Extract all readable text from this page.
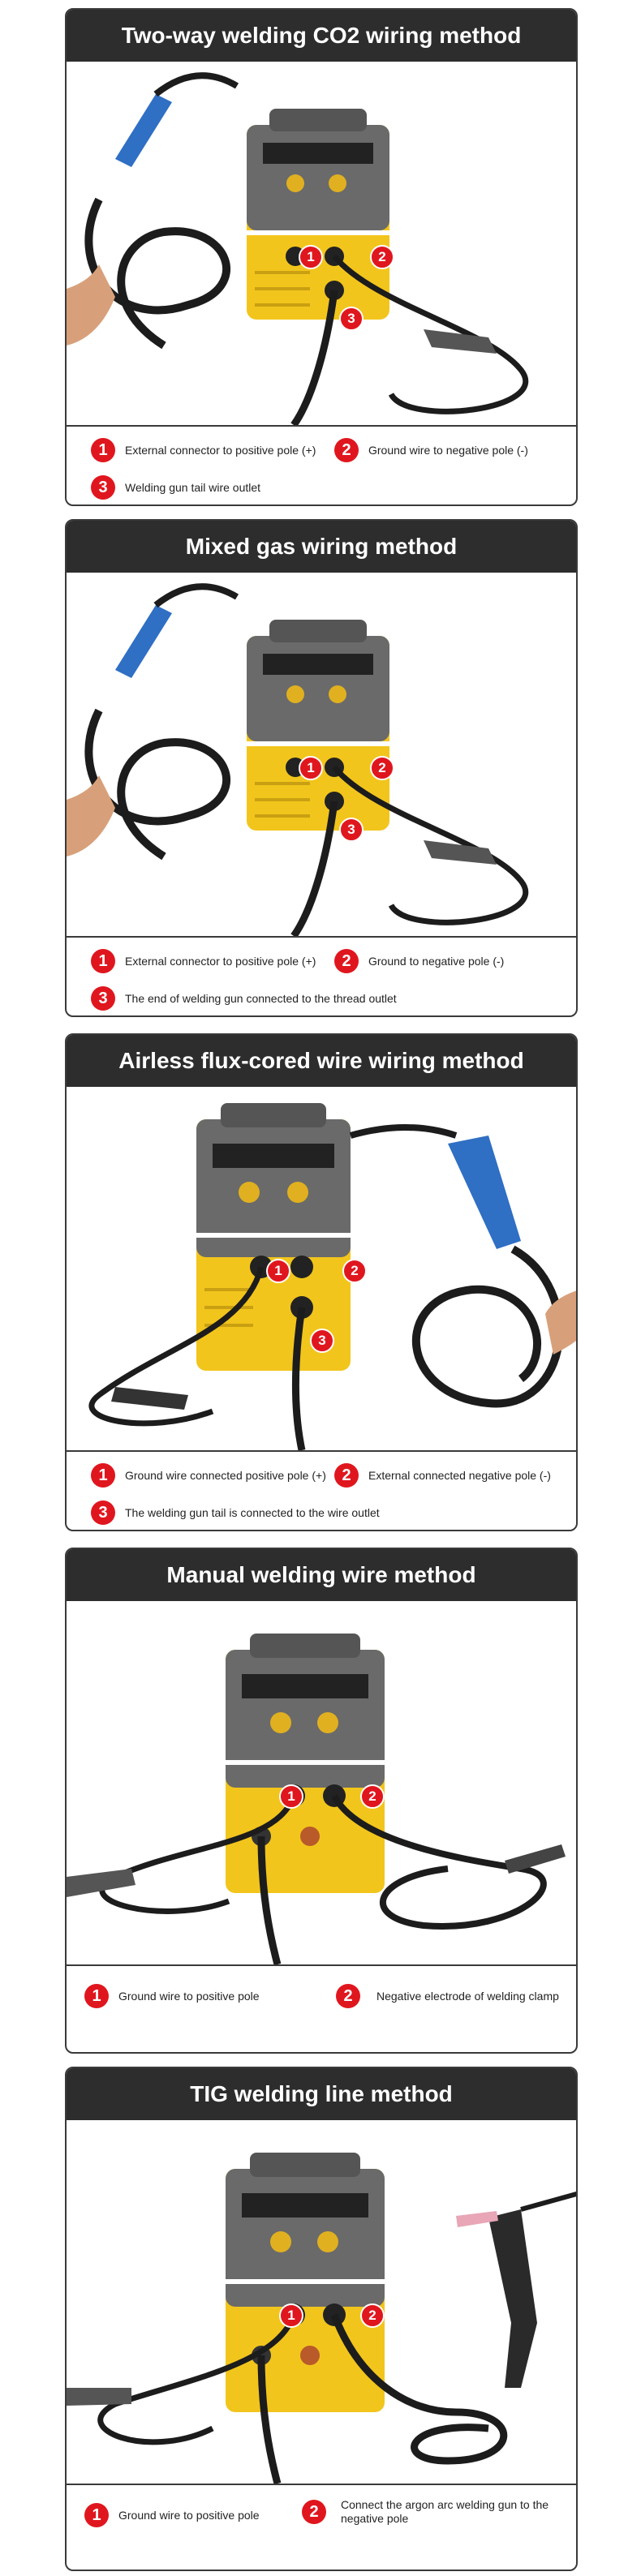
Two-way welding CO2 wiring method
1	2
3
1	External connector to positive pole (+)	2	Ground wire to negative pole (-)
3	Welding gun tail wire outlet
Mixed gas wiring method
1	2
3
1	External connector to positive pole (+)	2	Ground to negative pole (-)
3	The end of welding gun connected to the thread outlet
Airless flux-cored wire wiring method
1	2
3
1	Ground wire connected positive pole (+) 2	External connected negative pole (-)
3	The welding gun tail is connected to the wire outlet
Manual welding wire method
1	2
1	Ground wire to positive pole	2	Negative electrode of welding clamp
TIG welding line method
1	2
1	Ground wire to positive pole	2	Connect the argon arc welding gun to the negative pole
